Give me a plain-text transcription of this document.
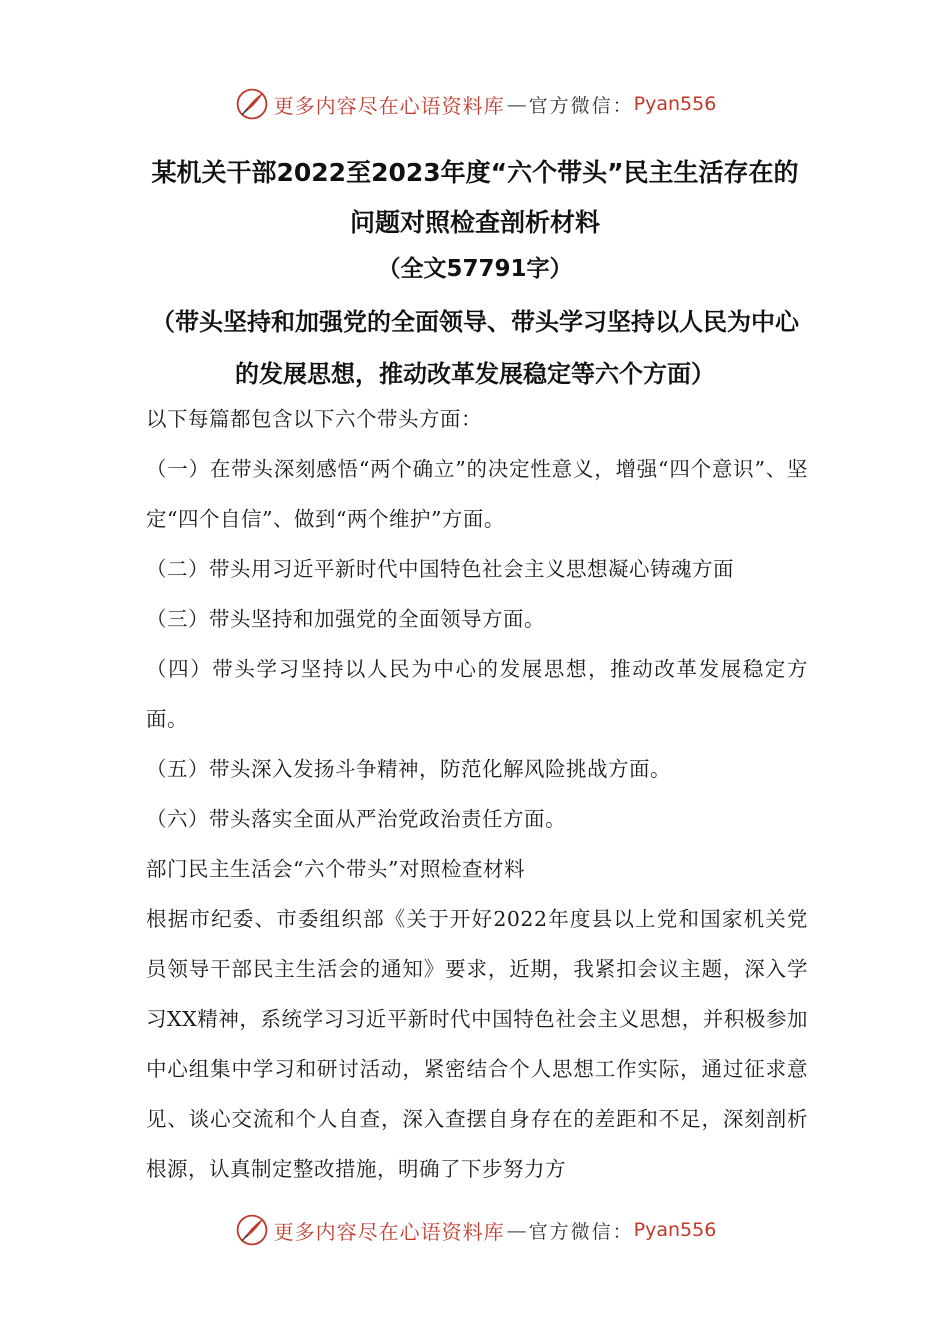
更多内容尽在心语资料库 — 官方微信： Pyan556
某机关干部2022至2023年度“六个带头”民主生活存在的问题对照检查剖析材料
（全文57791字）
（带头坚持和加强党的全面领导、带头学习坚持以人民为中心的发展思想，推动改革发展稳定等六个方面）

以下每篇都包含以下六个带头方面：

（一）在带头深刻感悟“两个确立”的决定性意义，增强“四个意识”、坚定“四个自信”、做到“两个维护”方面。

（二）带头用习近平新时代中国特色社会主义思想凝心铸魂方面

（三）带头坚持和加强党的全面领导方面。

（四）带头学习坚持以人民为中心的发展思想，推动改革发展稳定方面。

（五）带头深入发扬斗争精神，防范化解风险挑战方面。

（六）带头落实全面从严治党政治责任方面。

部门民主生活会“六个带头”对照检查材料

根据市纪委、市委组织部《关于开好2022年度县以上党和国家机关党员领导干部民主生活会的通知》要求，近期，我紧扣会议主题，深入学习XX精神，系统学习习近平新时代中国特色社会主义思想，并积极参加中心组集中学习和研讨活动，紧密结合个人思想工作实际，通过征求意见、谈心交流和个人自查，深入查摆自身存在的差距和不足，深刻剖析根源，认真制定整改措施，明确了下步努力方

更多内容尽在心语资料库 — 官方微信： Pyan556
